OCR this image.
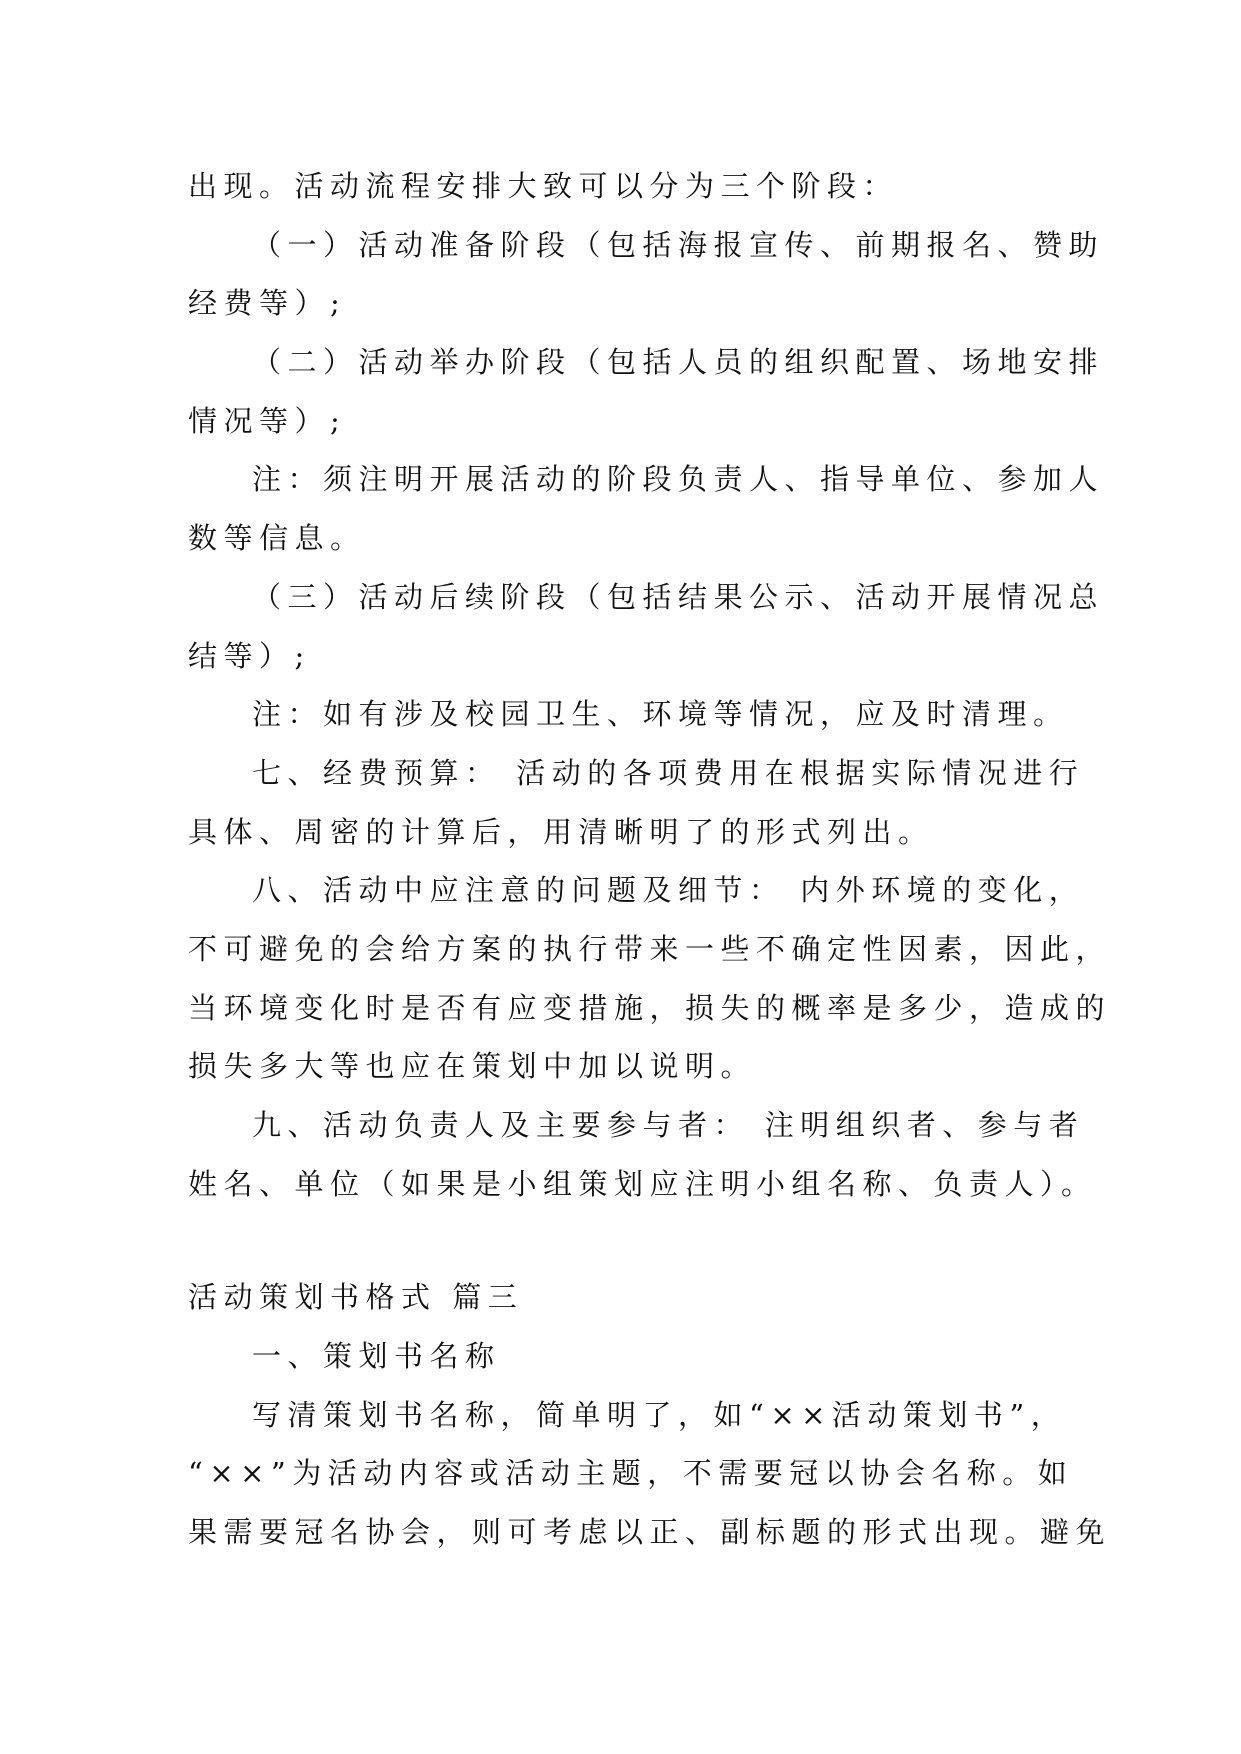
出现。活动流程安排大致可以分为三个阶段：
（一）活动准备阶段（包括海报宣传、前期报名、赞助
经费等）;
（二）活动举办阶段（包括人员的组织配置、场地安排
情况等）;
注：须注明开展活动的阶段负责人、指导单位、参加人
数等信息。
（三）活动后续阶段（包括结果公示、活动开展情况总
结等）;
注：如有涉及校园卫生、环境等情况，应及时清理。
七、经费预算： 活动的各项费用在根据实际情况进行
具体、周密的计算后，用清晰明了的形式列出。
八、活动中应注意的问题及细节： 内外环境的变化，
不可避免的会给方案的执行带来一些不确定性因素，因此，
当环境变化时是否有应变措施，损失的概率是多少，造成的
损失多大等也应在策划中加以说明。
九、活动负责人及主要参与者： 注明组织者、参与者
姓名、单位（如果是小组策划应注明小组名称、负责人）。
活动策划书格式 篇三
一、策划书名称
写清策划书名称，简单明了，如“××活动策划书”，
“××”为活动内容或活动主题，不需要冠以协会名称。如
果需要冠名协会，则可考虑以正、副标题的形式出现。避免
